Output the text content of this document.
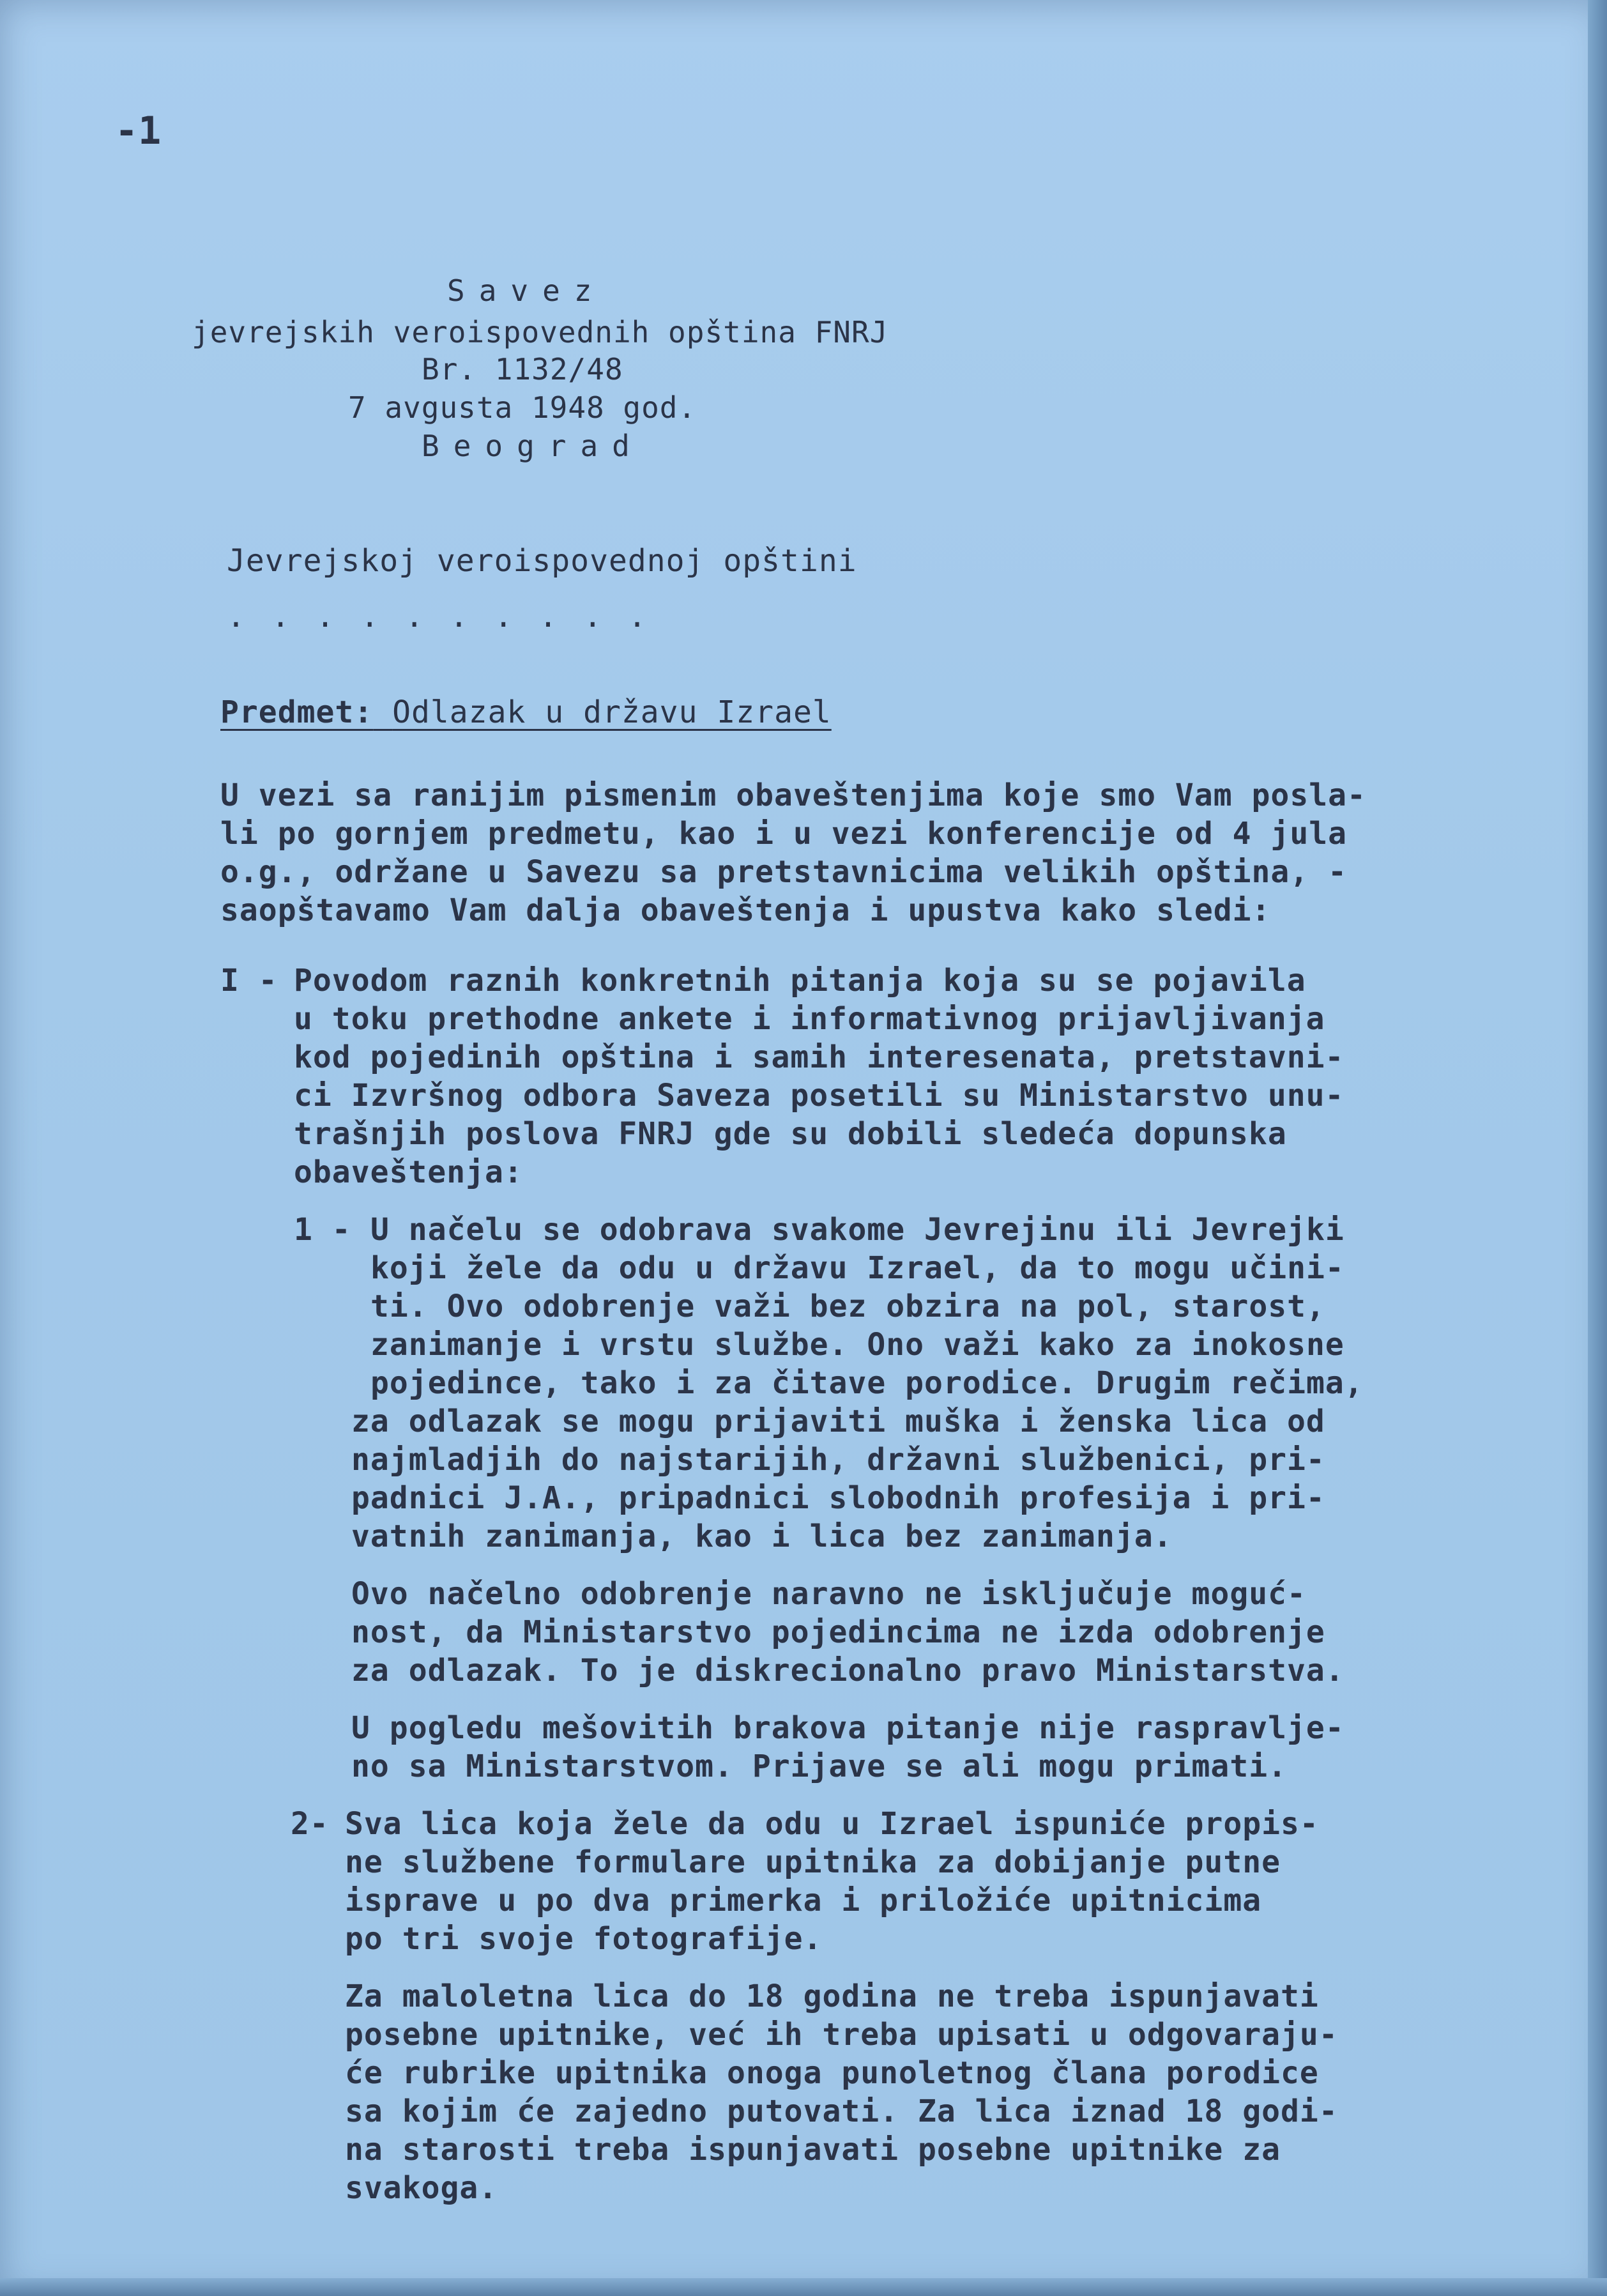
-1
Savez
jevrejskih veroispovednih opština FNRJ
Br. 1132/48
7 avgusta 1948 god.
Beograd
Jevrejskoj veroispovednoj opštini
. . . . . . . . . .
Predmet: Odlazak u državu Izrael
U vezi sa ranijim pismenim obaveštenjima koje smo Vam posla-
li po gornjem predmetu, kao i u vezi konferencije od 4 jula
o.g., održane u Savezu sa pretstavnicima velikih opština, -
saopštavamo Vam dalja obaveštenja i upustva kako sledi:
I - Povodom raznih konkretnih pitanja koja su se pojavila
u toku prethodne ankete i informativnog prijavljivanja
kod pojedinih opština i samih interesenata, pretstavni-
ci Izvršnog odbora Saveza posetili su Ministarstvo unu-
trašnjih poslova FNRJ gde su dobili sledeća dopunska
obaveštenja:
1 - U načelu se odobrava svakome Jevrejinu ili Jevrejki
koji žele da odu u državu Izrael, da to mogu učini-
ti. Ovo odobrenje važi bez obzira na pol, starost,
zanimanje i vrstu službe. Ono važi kako za inokosne
pojedince, tako i za čitave porodice. Drugim rečima,
za odlazak se mogu prijaviti muška i ženska lica od
najmladjih do najstarijih, državni službenici, pri-
padnici J.A., pripadnici slobodnih profesija i pri-
vatnih zanimanja, kao i lica bez zanimanja.
Ovo načelno odobrenje naravno ne isključuje moguć-
nost, da Ministarstvo pojedincima ne izda odobrenje
za odlazak. To je diskrecionalno pravo Ministarstva.
U pogledu mešovitih brakova pitanje nije raspravlje-
no sa Ministarstvom. Prijave se ali mogu primati.
2- Sva lica koja žele da odu u Izrael ispuniće propis-
ne službene formulare upitnika za dobijanje putne
isprave u po dva primerka i priložiće upitnicima
po tri svoje fotografije.
Za maloletna lica do 18 godina ne treba ispunjavati
posebne upitnike, već ih treba upisati u odgovaraju-
će rubrike upitnika onoga punoletnog člana porodice
sa kojim će zajedno putovati. Za lica iznad 18 godi-
na starosti treba ispunjavati posebne upitnike za
svakoga.
